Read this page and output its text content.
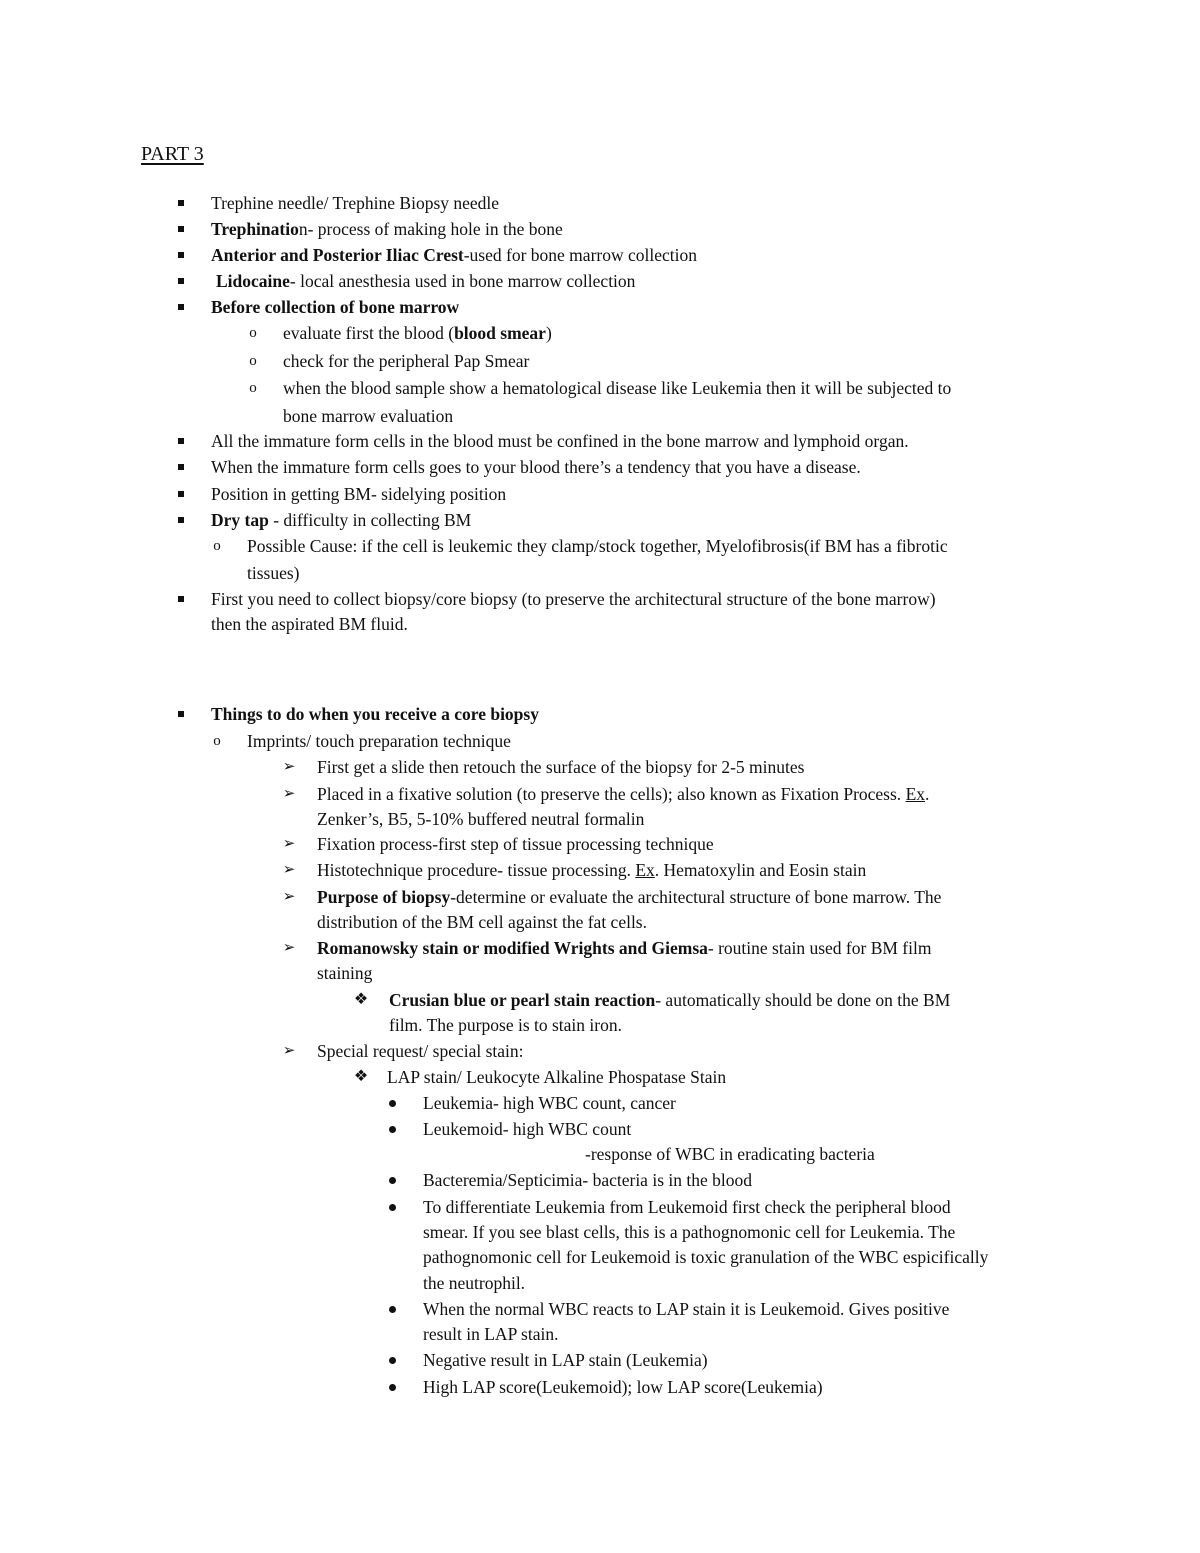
PART 3
Trephine needle/ Trephine Biopsy needle
Trephination- process of making hole in the bone
Anterior and Posterior Iliac Crest-used for bone marrow collection
Lidocaine- local anesthesia used in bone marrow collection
Before collection of bone marrow
o evaluate first the blood (blood smear)
o check for the peripheral Pap Smear
o when the blood sample show a hematological disease like Leukemia then it will be subjected to
bone marrow evaluation
All the immature form cells in the blood must be confined in the bone marrow and lymphoid organ.
When the immature form cells goes to your blood there’s a tendency that you have a disease.
Position in getting BM- sidelying position
Dry tap - difficulty in collecting BM
o Possible Cause: if the cell is leukemic they clamp/stock together, Myelofibrosis(if BM has a fibrotic
tissues)
First you need to collect biopsy/core biopsy (to preserve the architectural structure of the bone marrow)
then the aspirated BM fluid.
Things to do when you receive a core biopsy
o Imprints/ touch preparation technique
➢ First get a slide then retouch the surface of the biopsy for 2-5 minutes
➢ Placed in a fixative solution (to preserve the cells); also known as Fixation Process. Ex.
Zenker’s, B5, 5-10% buffered neutral formalin
➢ Fixation process-first step of tissue processing technique
➢ Histotechnique procedure- tissue processing. Ex. Hematoxylin and Eosin stain
➢ Purpose of biopsy-determine or evaluate the architectural structure of bone marrow. The
distribution of the BM cell against the fat cells.
➢ Romanowsky stain or modified Wrights and Giemsa- routine stain used for BM film
staining
❖ Crusian blue or pearl stain reaction- automatically should be done on the BM
film. The purpose is to stain iron.
➢ Special request/ special stain:
❖ LAP stain/ Leukocyte Alkaline Phospatase Stain
Leukemia- high WBC count, cancer
Leukemoid- high WBC count
-response of WBC in eradicating bacteria
Bacteremia/Septicimia- bacteria is in the blood
To differentiate Leukemia from Leukemoid first check the peripheral blood
smear. If you see blast cells, this is a pathognomonic cell for Leukemia. The
pathognomonic cell for Leukemoid is toxic granulation of the WBC espicifically
the neutrophil.
When the normal WBC reacts to LAP stain it is Leukemoid. Gives positive
result in LAP stain.
Negative result in LAP stain (Leukemia)
High LAP score(Leukemoid); low LAP score(Leukemia)
